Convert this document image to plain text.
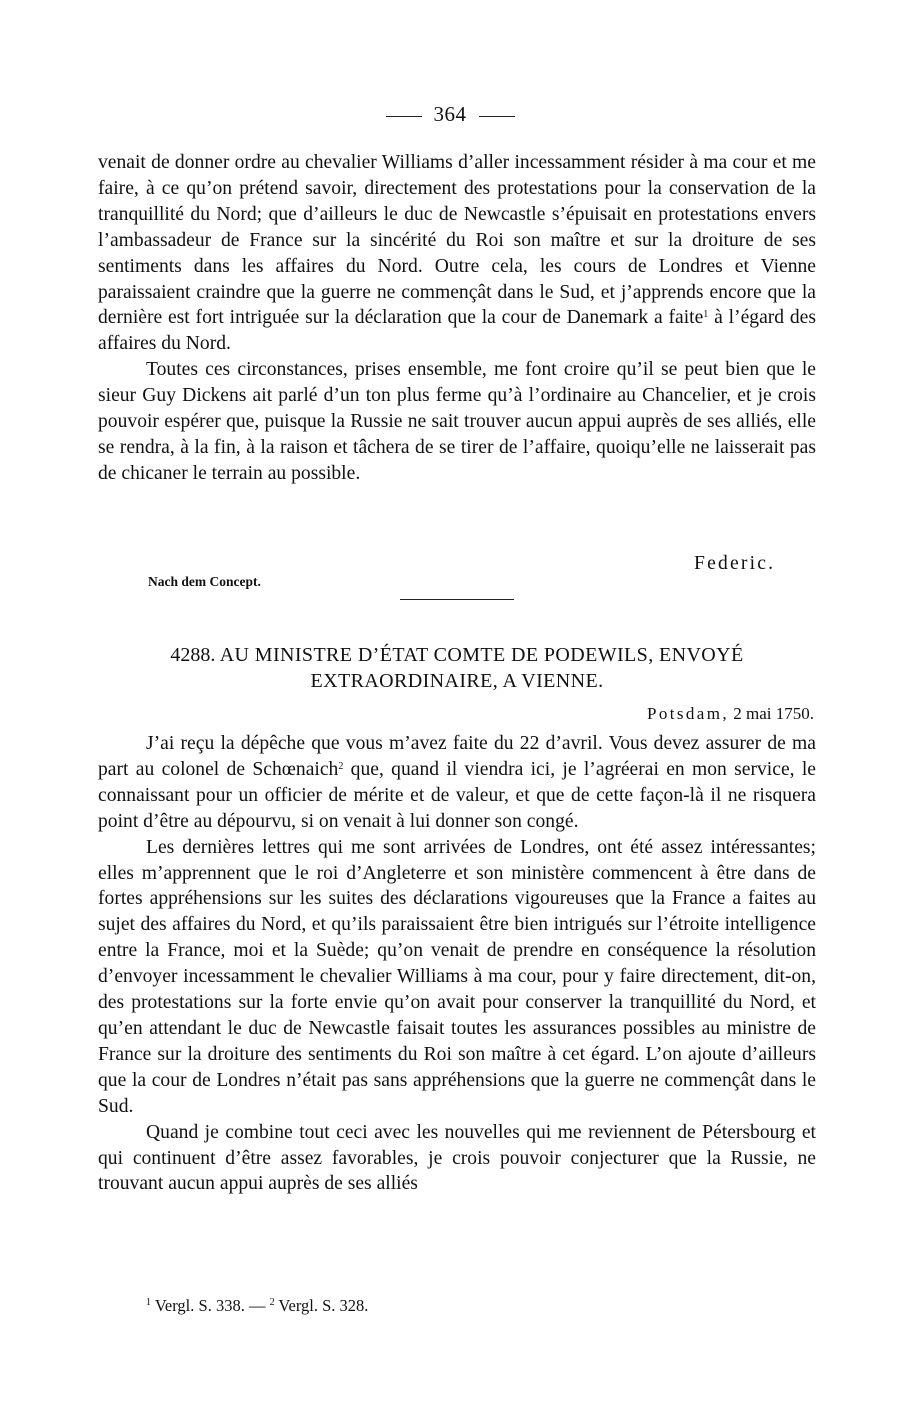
364

venait de donner ordre au chevalier Williams d’aller incessamment résider à ma cour et me faire, à ce qu’on prétend savoir, directement des protestations pour la conservation de la tranquillité du Nord; que d’ailleurs le duc de Newcastle s’épuisait en protestations envers l’ambassadeur de France sur la sincérité du Roi son maître et sur la droiture de ses sentiments dans les affaires du Nord. Outre cela, les cours de Londres et Vienne paraissaient craindre que la guerre ne commençât dans le Sud, et j’apprends encore que la dernière est fort intriguée sur la déclaration que la cour de Danemark a faite$^1$ à l’égard des affaires du Nord.

Toutes ces circonstances, prises ensemble, me font croire qu’il se peut bien que le sieur Guy Dickens ait parlé d’un ton plus ferme qu’à l’ordinaire au Chancelier, et je crois pouvoir espérer que, puisque la Russie ne sait trouver aucun appui auprès de ses alliés, elle se rendra, à la fin, à la raison et tâchera de se tirer de l’affaire, quoiqu’elle ne laisserait pas de chicaner le terrain au possible.

Federic.
Nach dem Concept.
4288. AU MINISTRE D’ÉTAT COMTE DE PODEWILS, ENVOYÉ
EXTRAORDINAIRE, A VIENNE.
Potsdam, 2 mai 1750.

J’ai reçu la dépêche que vous m’avez faite du 22 d’avril. Vous devez assurer de ma part au colonel de Schœnaich$^2$ que, quand il viendra ici, je l’agréerai en mon service, le connaissant pour un officier de mérite et de valeur, et que de cette façon-là il ne risquera point d’être au dépourvu, si on venait à lui donner son congé.

Les dernières lettres qui me sont arrivées de Londres, ont été assez intéressantes; elles m’apprennent que le roi d’Angleterre et son ministère commencent à être dans de fortes appréhensions sur les suites des déclarations vigoureuses que la France a faites au sujet des affaires du Nord, et qu’ils paraissaient être bien intrigués sur l’étroite intelligence entre la France, moi et la Suède; qu’on venait de prendre en conséquence la résolution d’envoyer incessamment le chevalier Williams à ma cour, pour y faire directement, dit-on, des protestations sur la forte envie qu’on avait pour conserver la tranquillité du Nord, et qu’en attendant le duc de Newcastle faisait toutes les assurances possibles au ministre de France sur la droiture des sentiments du Roi son maître à cet égard. L’on ajoute d’ailleurs que la cour de Londres n’était pas sans appréhensions que la guerre ne commençât dans le Sud.

Quand je combine tout ceci avec les nouvelles qui me reviennent de Pétersbourg et qui continuent d’être assez favorables, je crois pouvoir conjecturer que la Russie, ne trouvant aucun appui auprès de ses alliés

$^1$ Vergl. S. 338. — $^2$ Vergl. S. 328.
